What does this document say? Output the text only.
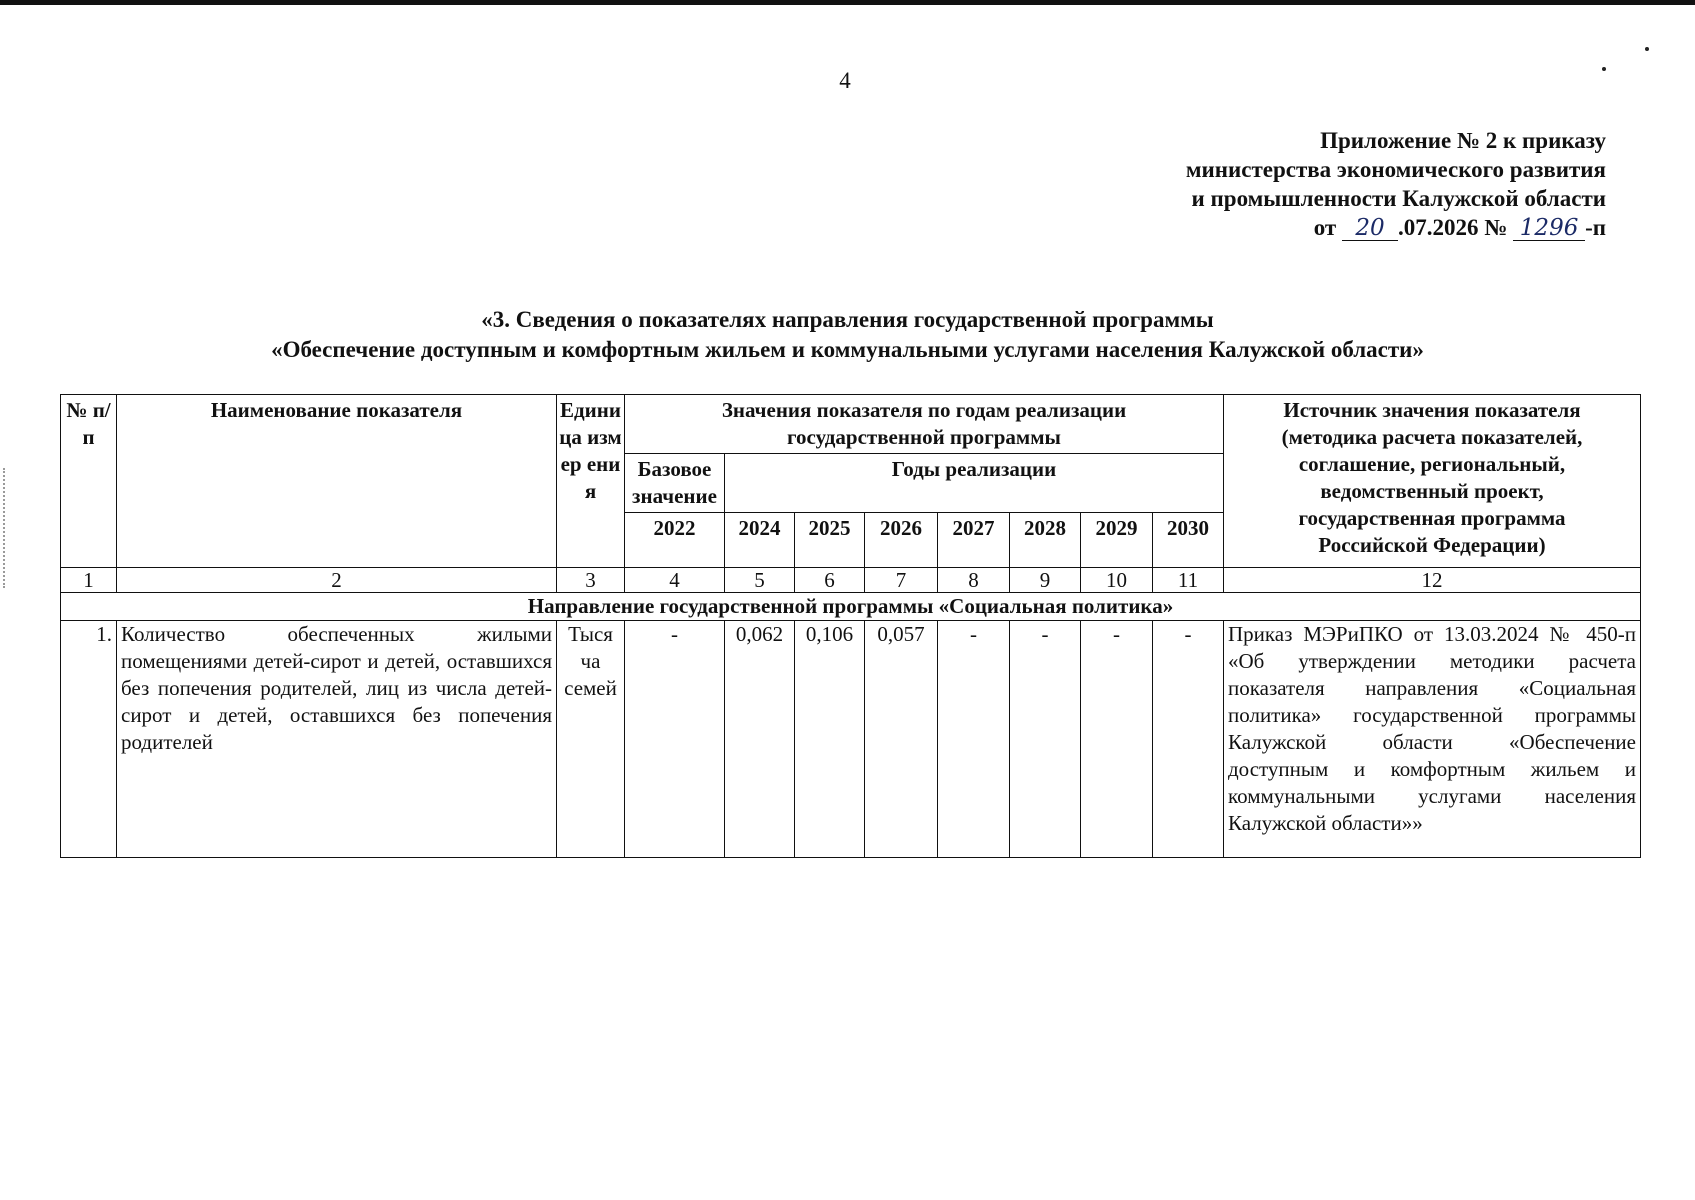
4
Приложение № 2 к приказу
министерства экономического развития
и промышленности Калужской области
от 20 .07.2026 № 1296 -п
«3. Сведения о показателях направления государственной программы
«Обеспечение доступным и комфортным жильем и коммунальными услугами населения Калужской области»
№ п/п	Наименование показателя	Едини ца измер ения	Значения показателя по годам реализации государственной программы								Источник значения показателя (методика расчета показателей, соглашение, региональный, ведомственный проект, государственная программа Российской Федерации)
			Базовое значение	Годы реализации							
			2022	2024	2025	2026	2027	2028	2029	2030	
1	2	3	4	5	6	7	8	9	10	11	12
Направление государственной программы «Социальная политика»											
1.	Количество обеспеченных жилыми помещениями детей-сирот и детей, оставшихся без попечения родителей, лиц из числа детей-сирот и детей, оставшихся без попечения родителей	Тыся ча семей	-	0,062	0,106	0,057	-	-	-	-	Приказ МЭРиПКО от 13.03.2024 № 450-п «Об утверждении методики расчета показателя направления «Социальная политика» государственной программы Калужской области «Обеспечение доступным и комфортным жильем и коммунальными услугами населения Калужской области»»
